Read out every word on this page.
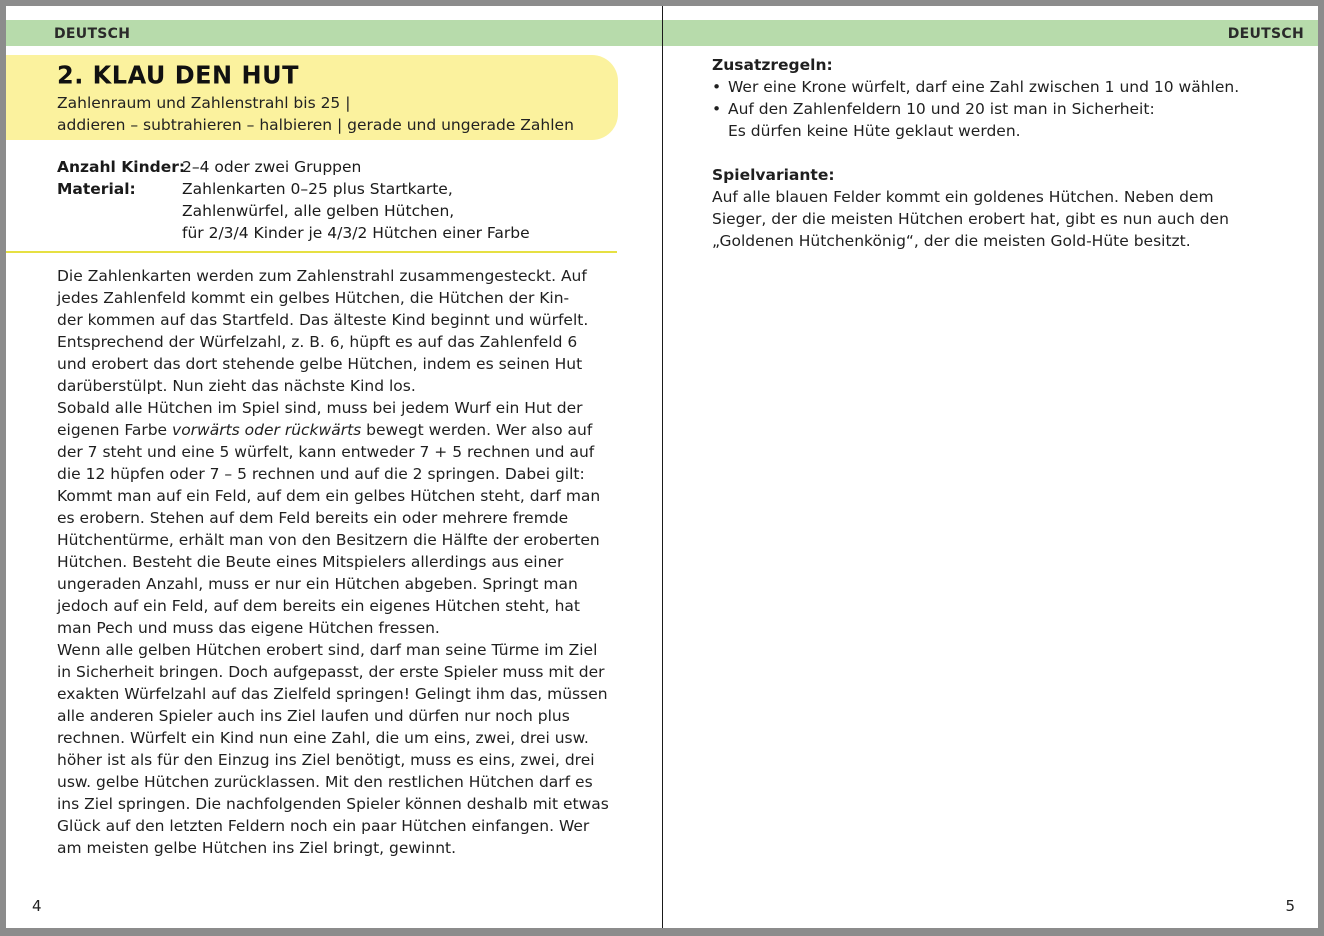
DEUTSCH
2. KLAU DEN HUT
Zahlenraum und Zahlenstrahl bis 25 |
addieren – subtrahieren – halbieren | gerade und ungerade Zahlen
Anzahl Kinder:
2–4 oder zwei Gruppen
Material:	Zahlenkarten 0–25 plus Startkarte,
Zahlenwürfel, alle gelben Hütchen,
für 2/3/4 Kinder je 4/3/2 Hütchen einer Farbe

Die Zahlenkarten werden zum Zahlenstrahl zusammengesteckt. Auf

jedes Zahlenfeld kommt ein gelbes Hütchen, die Hütchen der Kin-

der kommen auf das Startfeld. Das älteste Kind beginnt und würfelt.

Entsprechend der Würfelzahl, z. B. 6, hüpft es auf das Zahlenfeld 6

und erobert das dort stehende gelbe Hütchen, indem es seinen Hut

darüberstülpt. Nun zieht das nächste Kind los.

Sobald alle Hütchen im Spiel sind, muss bei jedem Wurf ein Hut der

eigenen Farbe vorwärts oder rückwärts bewegt werden. Wer also auf

der 7 steht und eine 5 würfelt, kann entweder 7 + 5 rechnen und auf

die 12 hüpfen oder 7 – 5 rechnen und auf die 2 springen. Dabei gilt:

Kommt man auf ein Feld, auf dem ein gelbes Hütchen steht, darf man

es erobern. Stehen auf dem Feld bereits ein oder mehrere fremde

Hütchentürme, erhält man von den Besitzern die Hälfte der eroberten

Hütchen. Besteht die Beute eines Mitspielers allerdings aus einer

ungeraden Anzahl, muss er nur ein Hütchen abgeben. Springt man

jedoch auf ein Feld, auf dem bereits ein eigenes Hütchen steht, hat

man Pech und muss das eigene Hütchen fressen.

Wenn alle gelben Hütchen erobert sind, darf man seine Türme im Ziel

in Sicherheit bringen. Doch aufgepasst, der erste Spieler muss mit der

exakten Würfelzahl auf das Zielfeld springen! Gelingt ihm das, müssen

alle anderen Spieler auch ins Ziel laufen und dürfen nur noch plus

rechnen. Würfelt ein Kind nun eine Zahl, die um eins, zwei, drei usw.

höher ist als für den Einzug ins Ziel benötigt, muss es eins, zwei, drei

usw. gelbe Hütchen zurücklassen. Mit den restlichen Hütchen darf es

ins Ziel springen. Die nachfolgenden Spieler können deshalb mit etwas

Glück auf den letzten Feldern noch ein paar Hütchen einfangen. Wer

am meisten gelbe Hütchen ins Ziel bringt, gewinnt.

4
DEUTSCH
Zusatzregeln:
• Wer eine Krone würfelt, darf eine Zahl zwischen 1 und 10 wählen.
• Auf den Zahlenfeldern 10 und 20 ist man in Sicherheit:
Es dürfen keine Hüte geklaut werden.
Spielvariante:
Auf alle blauen Felder kommt ein goldenes Hütchen. Neben dem
Sieger, der die meisten Hütchen erobert hat, gibt es nun auch den
„Goldenen Hütchenkönig“, der die meisten Gold-Hüte besitzt.
5
